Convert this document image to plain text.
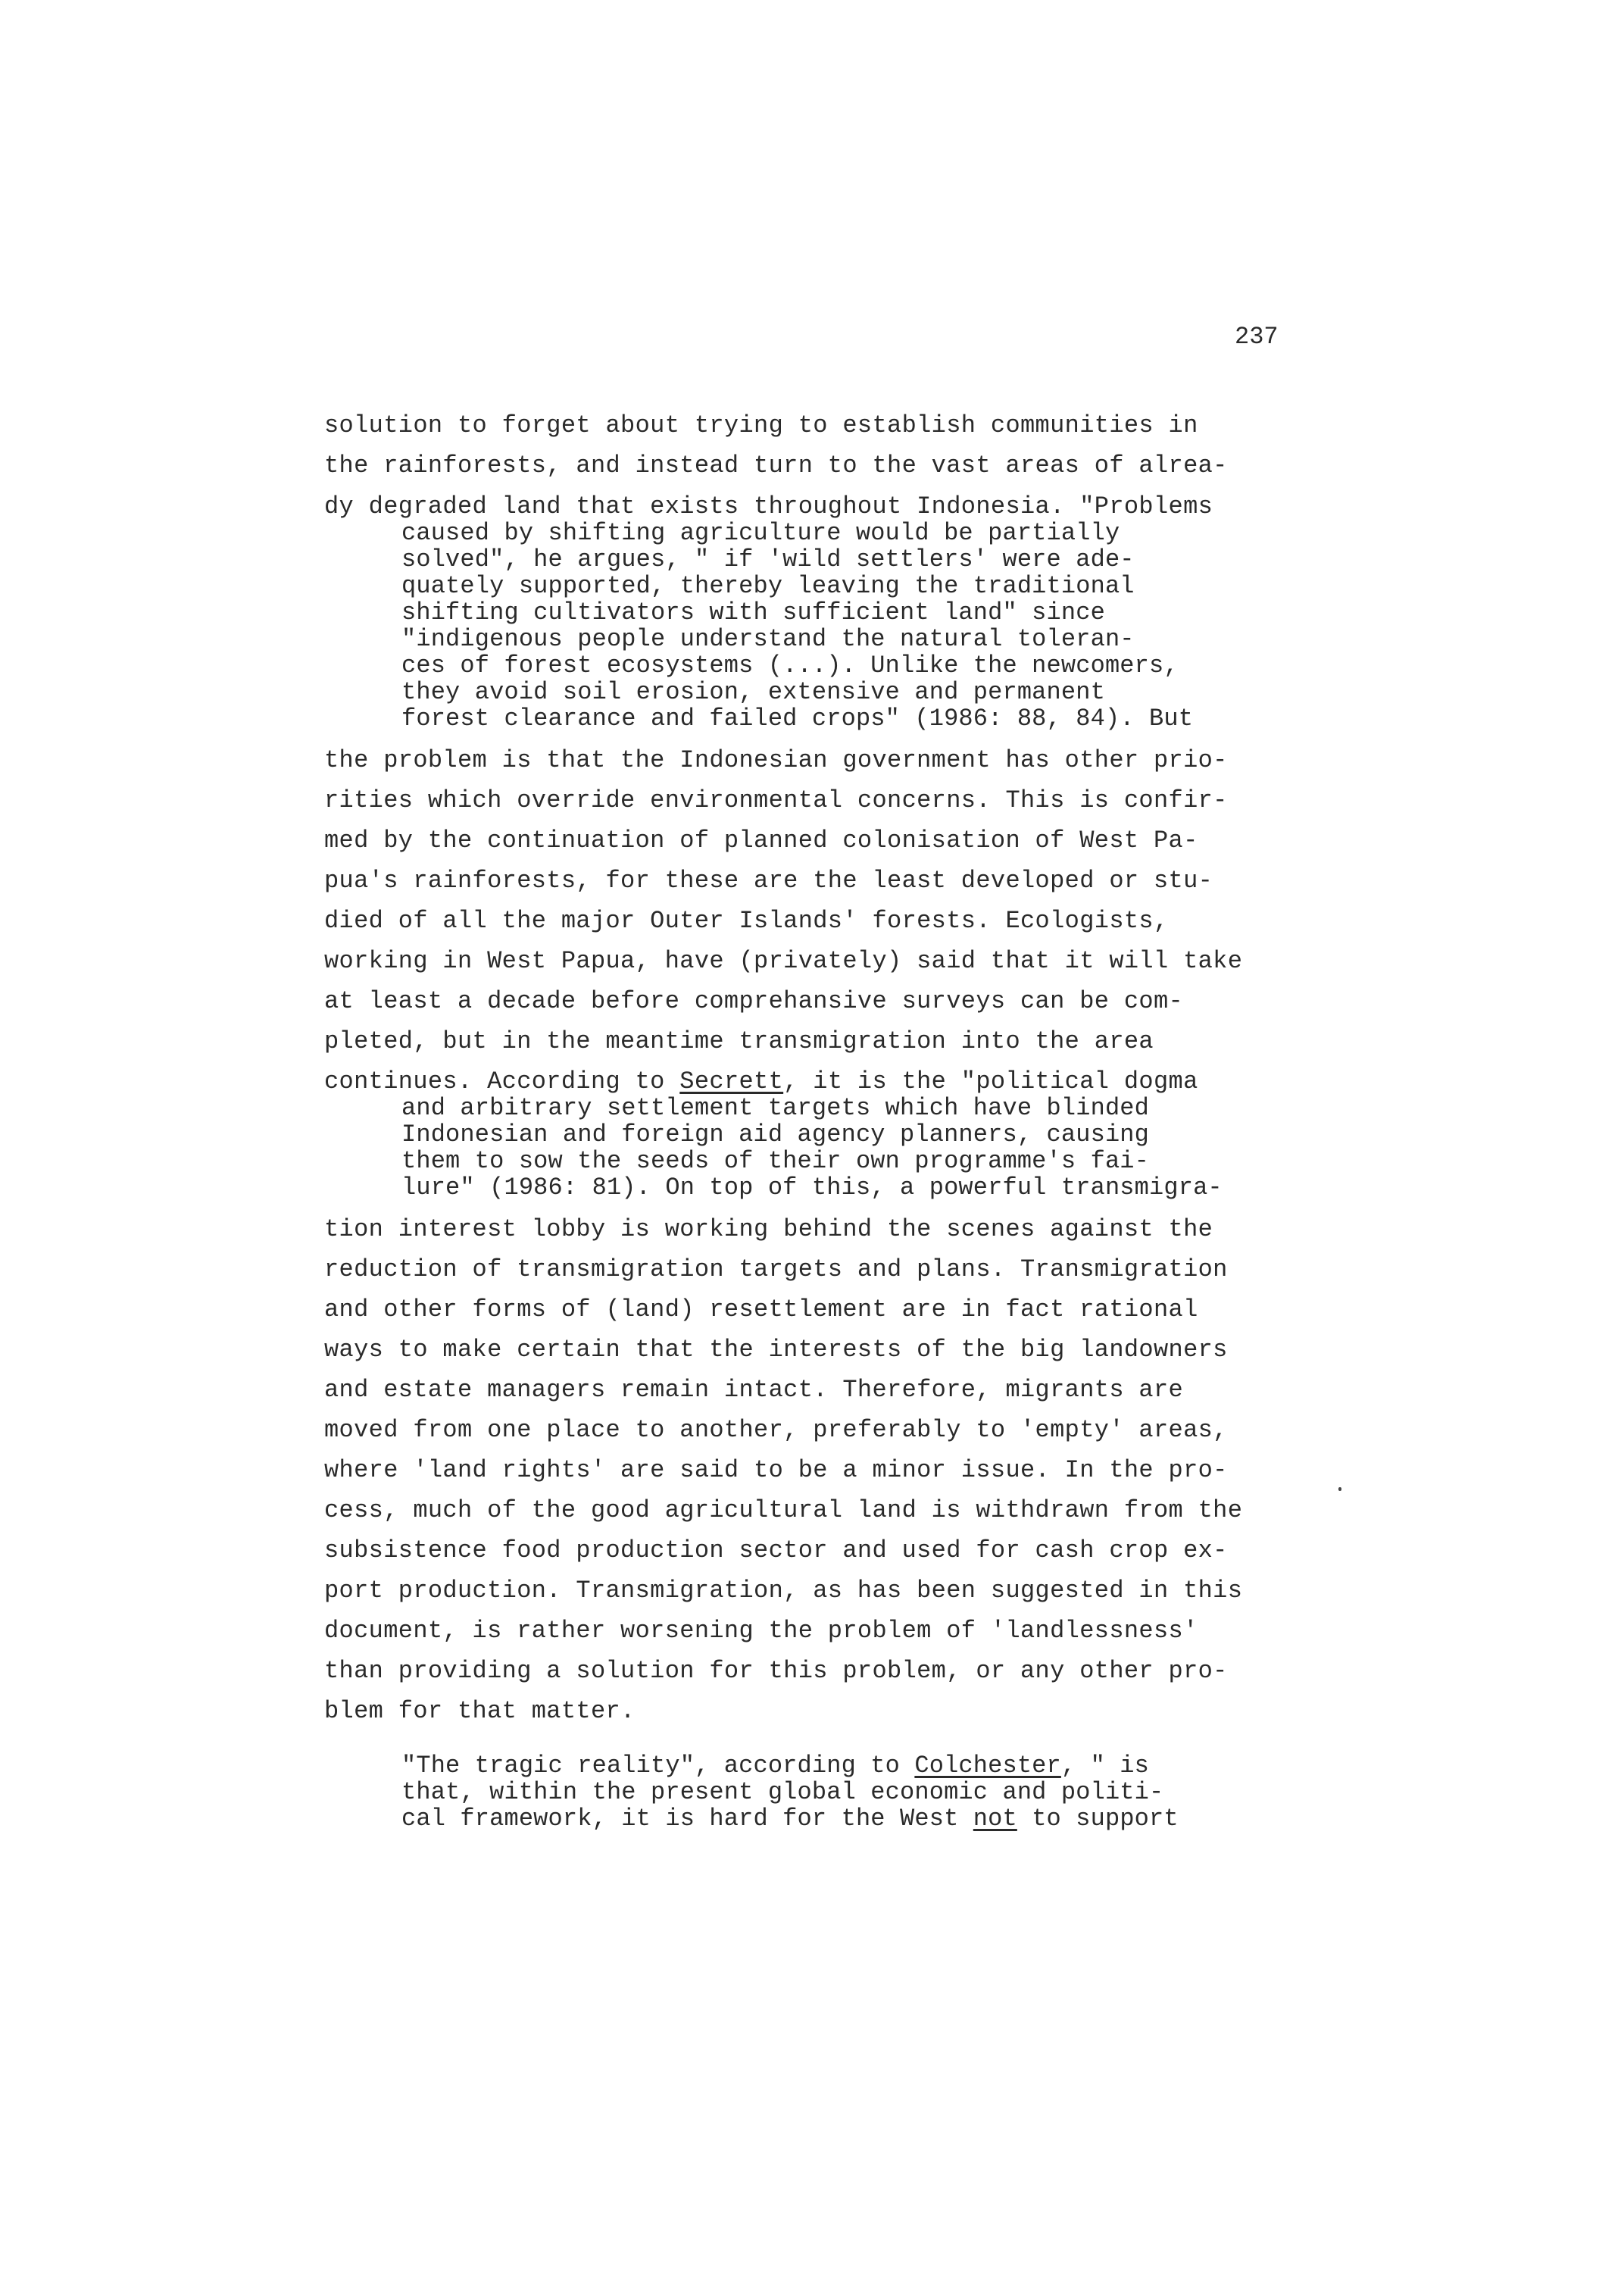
237
solution to forget about trying to establish communities in
the rainforests, and instead turn to the vast areas of alrea-
dy degraded land that exists throughout Indonesia. "Problems
caused by shifting agriculture would be partially
solved", he argues, " if 'wild settlers' were ade-
quately supported, thereby leaving the traditional
shifting cultivators with sufficient land" since
"indigenous people understand the natural toleran-
ces of forest ecosystems (...). Unlike the newcomers,
they avoid soil erosion, extensive and permanent
forest clearance and failed crops" (1986: 88, 84). But
the problem is that the Indonesian government has other prio-
rities which override environmental concerns. This is confir-
med by the continuation of planned colonisation of West Pa-
pua's rainforests, for these are the least developed or stu-
died of all the major Outer Islands' forests. Ecologists,
working in West Papua, have (privately) said that it will take
at least a decade before comprehansive surveys can be com-
pleted, but in the meantime transmigration into the area
continues. According to Secrett, it is the "political dogma
and arbitrary settlement targets which have blinded
Indonesian and foreign aid agency planners, causing
them to sow the seeds of their own programme's fai-
lure" (1986: 81). On top of this, a powerful transmigra-
tion interest lobby is working behind the scenes against the
reduction of transmigration targets and plans. Transmigration
and other forms of (land) resettlement are in fact rational
ways to make certain that the interests of the big landowners
and estate managers remain intact. Therefore, migrants are
moved from one place to another, preferably to 'empty' areas,
where 'land rights' are said to be a minor issue. In the pro-
cess, much of the good agricultural land is withdrawn from the
subsistence food production sector and used for cash crop ex-
port production. Transmigration, as has been suggested in this
document, is rather worsening the problem of 'landlessness'
than providing a solution for this problem, or any other pro-
blem for that matter.
"The tragic reality", according to Colchester, " is
that, within the present global economic and politi-
cal framework, it is hard for the West not to support
